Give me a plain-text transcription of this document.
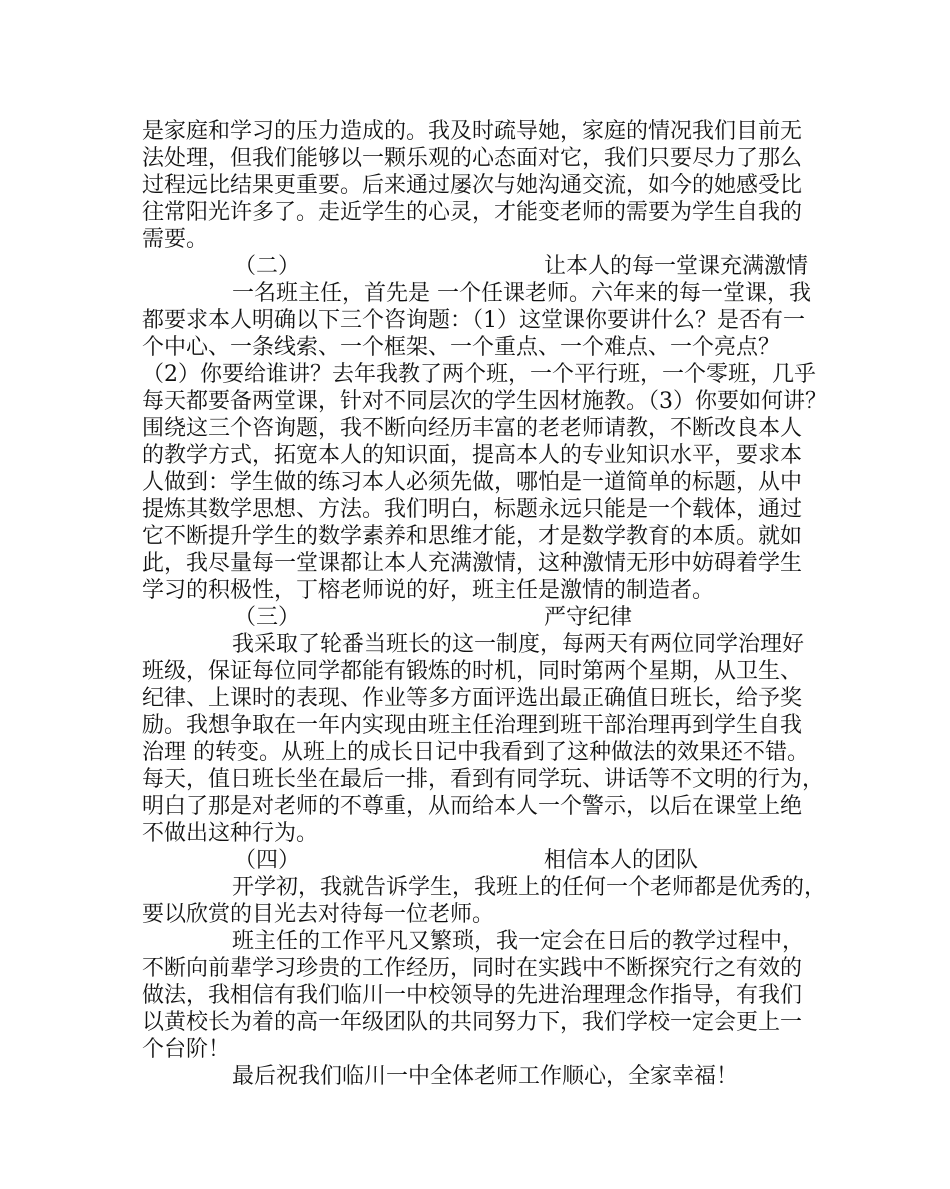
是家庭和学习的压力造成的。我及时疏导她，家庭的情况我们目前无
法处理，但我们能够以一颗乐观的心态面对它，我们只要尽力了那么
过程远比结果更重要。后来通过屡次与她沟通交流，如今的她感受比
往常阳光许多了。走近学生的心灵，才能变老师的需要为学生自我的
需要。
（二）	让本人的每一堂课充满激情
一名班主任，首先是 一个任课老师。六年来的每一堂课，我
都要求本人明确以下三个咨询题：（1）这堂课你要讲什么？是否有一
个中心、一条线索、一个框架、一个重点、一个难点、一个亮点？
（2）你要给谁讲？去年我教了两个班，一个平行班，一个零班，几乎
每天都要备两堂课，针对不同层次的学生因材施教。（3）你要如何讲？
围绕这三个咨询题，我不断向经历丰富的老老师请教，不断改良本人
的教学方式，拓宽本人的知识面，提高本人的专业知识水平，要求本
人做到：学生做的练习本人必须先做，哪怕是一道简单的标题，从中
提炼其数学思想、方法。我们明白，标题永远只能是一个载体，通过
它不断提升学生的数学素养和思维才能，才是数学教育的本质。就如
此，我尽量每一堂课都让本人充满激情，这种激情无形中妨碍着学生
学习的积极性，丁榕老师说的好，班主任是激情的制造者。
（三）	严守纪律
我采取了轮番当班长的这一制度，每两天有两位同学治理好
班级，保证每位同学都能有锻炼的时机，同时第两个星期，从卫生、
纪律、上课时的表现、作业等多方面评选出最正确值日班长，给予奖
励。我想争取在一年内实现由班主任治理到班干部治理再到学生自我
治理 的转变。从班上的成长日记中我看到了这种做法的效果还不错。
每天，值日班长坐在最后一排，看到有同学玩、讲话等不文明的行为，
明白了那是对老师的不尊重，从而给本人一个警示，以后在课堂上绝
不做出这种行为。
（四）	相信本人的团队
开学初，我就告诉学生，我班上的任何一个老师都是优秀的，
要以欣赏的目光去对待每一位老师。
班主任的工作平凡又繁琐，我一定会在日后的教学过程中，
不断向前辈学习珍贵的工作经历，同时在实践中不断探究行之有效的
做法，我相信有我们临川一中校领导的先进治理理念作指导，有我们
以黄校长为着的高一年级团队的共同努力下，我们学校一定会更上一
个台阶！
最后祝我们临川一中全体老师工作顺心，全家幸福！
